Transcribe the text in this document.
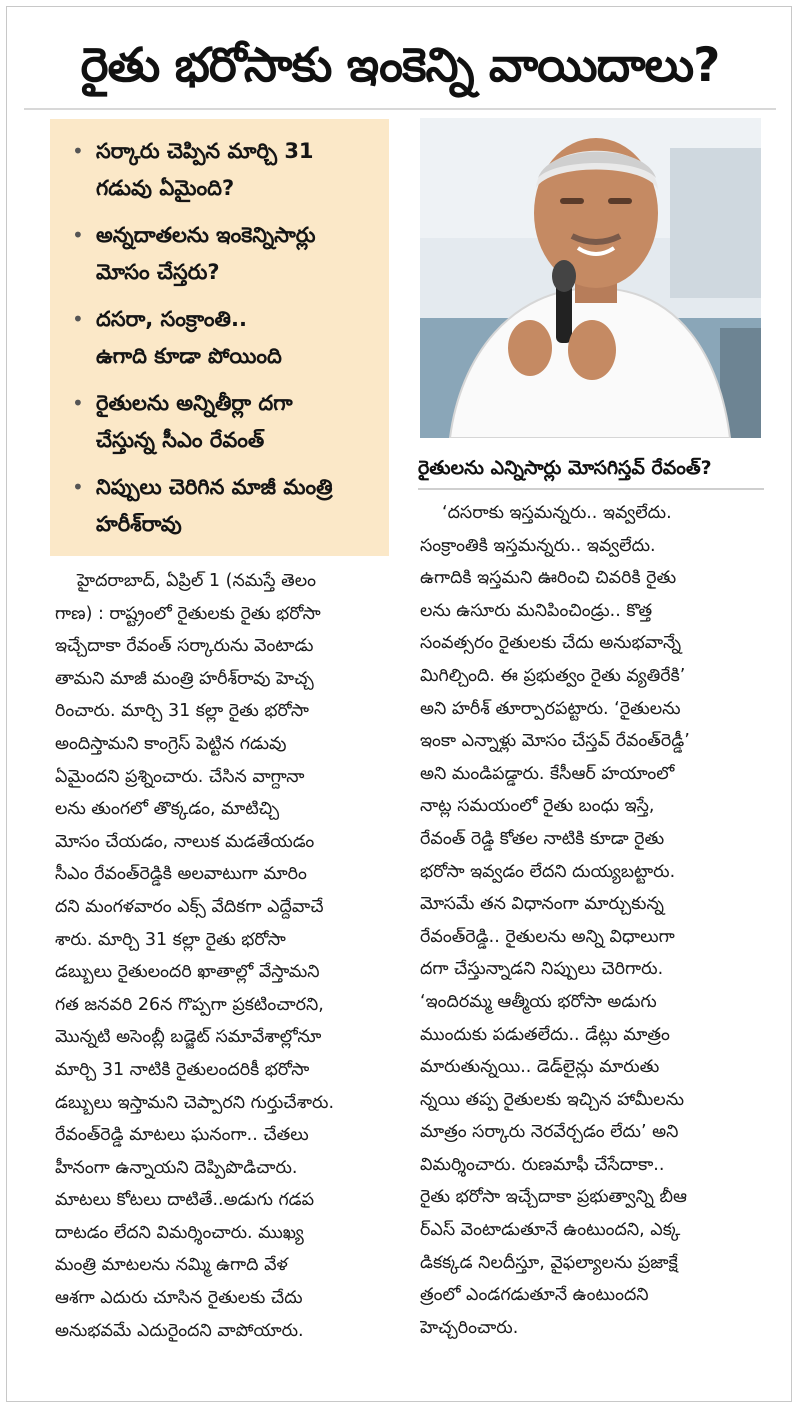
రైతు భరోసాకు ఇంకెన్ని వాయిదాలు?
• సర్కారు చెప్పిన మార్చి 31
గడువు ఏమైంది?
• అన్నదాతలను ఇంకెన్నిసార్లు
మోసం చేస్తరు?
• దసరా, సంక్రాంతి..
ఉగాది కూడా పోయింది
• రైతులను అన్నితీర్లా దగా
చేస్తున్న సీఎం రేవంత్
• నిప్పులు చెరిగిన మాజీ మంత్రి
హరీశ్‌రావు
రైతులను ఎన్నిసార్లు మోసగిస్తవ్ రేవంత్?
హైదరాబాద్, ఏప్రిల్ 1 (నమస్తే తెలం
గాణ) : రాష్ట్రంలో రైతులకు రైతు భరోసా
ఇచ్చేదాకా రేవంత్ సర్కారును వెంటాడు
తామని మాజీ మంత్రి హరీశ్‌రావు హెచ్చ
రించారు. మార్చి 31 కల్లా రైతు భరోసా
అందిస్తామని కాంగ్రెస్ పెట్టిన గడువు
ఏమైందని ప్రశ్నించారు. చేసిన వాగ్దానా
లను తుంగలో తొక్కడం, మాటిచ్చి
మోసం చేయడం, నాలుక మడతేయడం
సీఎం రేవంత్‌రెడ్డికి అలవాటుగా మారిం
దని మంగళవారం ఎక్స్ వేదికగా ఎద్దేవాచే
శారు. మార్చి 31 కల్లా రైతు భరోసా
డబ్బులు రైతులందరి ఖాతాల్లో వేస్తామని
గత జనవరి 26న గొప్పగా ప్రకటించారని,
మొన్నటి అసెంబ్లీ బడ్జెట్ సమావేశాల్లోనూ
మార్చి 31 నాటికి రైతులందరికీ భరోసా
డబ్బులు ఇస్తామని చెప్పారని గుర్తుచేశారు.
రేవంత్‌రెడ్డి మాటలు ఘనంగా.. చేతలు
హీనంగా ఉన్నాయని దెప్పిపొడిచారు.
మాటలు కోటలు దాటితే..అడుగు గడప
దాటడం లేదని విమర్శించారు. ముఖ్య
మంత్రి మాటలను నమ్మి ఉగాది వేళ
ఆశగా ఎదురు చూసిన రైతులకు చేదు
అనుభవమే ఎదురైందని వాపోయారు.
‘దసరాకు ఇస్తమన్నరు.. ఇవ్వలేదు.
సంక్రాంతికి ఇస్తమన్నరు.. ఇవ్వలేదు.
ఉగాదికి ఇస్తమని ఊరించి చివరికి రైతు
లను ఉసూరు మనిపించిండ్రు.. కొత్త
సంవత్సరం రైతులకు చేదు అనుభవాన్నే
మిగిల్చింది. ఈ ప్రభుత్వం రైతు వ్యతిరేకి’
అని హరీశ్ తూర్పారపట్టారు. ‘రైతులను
ఇంకా ఎన్నాళ్లు మోసం చేస్తవ్ రేవంత్‌రెడ్డీ’
అని మండిపడ్డారు. కేసీఆర్ హయాంలో
నాట్ల సమయంలో రైతు బంధు ఇస్తే,
రేవంత్ రెడ్డి కోతల నాటికి కూడా రైతు
భరోసా ఇవ్వడం లేదని దుయ్యబట్టారు.
మోసమే తన విధానంగా మార్చుకున్న
రేవంత్‌రెడ్డి.. రైతులను అన్ని విధాలుగా
దగా చేస్తున్నాడని నిప్పులు చెరిగారు.
‘ఇందిరమ్మ ఆత్మీయ భరోసా అడుగు
ముందుకు పడుతలేదు.. డేట్లు మాత్రం
మారుతున్నయి.. డెడ్‌లైన్లు మారుతు
న్నయి తప్ప రైతులకు ఇచ్చిన హామీలను
మాత్రం సర్కారు నెరవేర్చడం లేదు’ అని
విమర్శించారు. రుణమాఫీ చేసేదాకా..
రైతు భరోసా ఇచ్చేదాకా ప్రభుత్వాన్ని బీఆ
ర్‌ఎస్ వెంటాడుతూనే ఉంటుందని, ఎక్క
డికక్కడ నిలదీస్తూ, వైఫల్యాలను ప్రజాక్షే
త్రంలో ఎండగడుతూనే ఉంటుందని
హెచ్చరించారు.
